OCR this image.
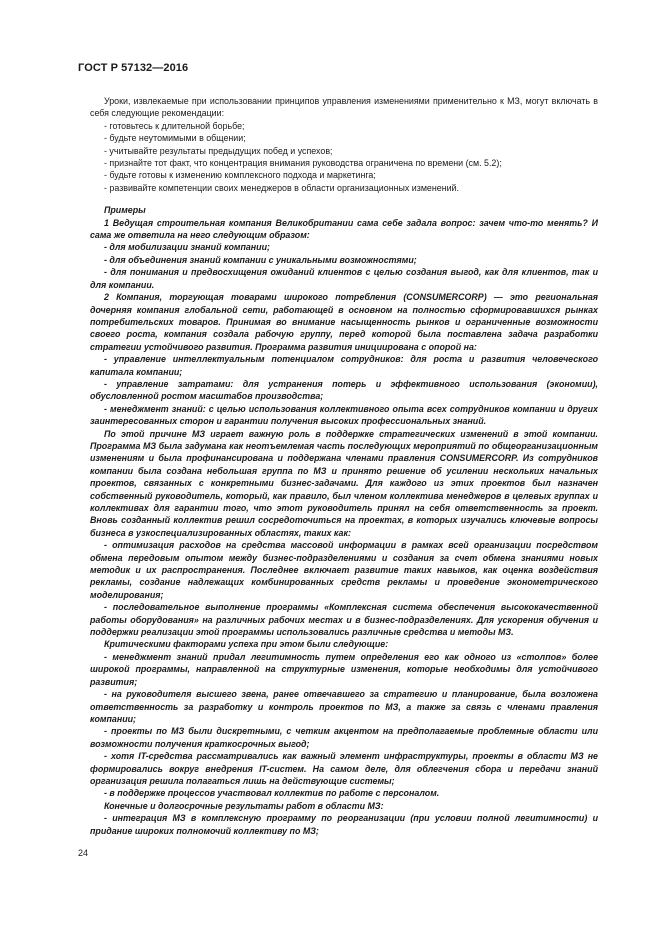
ГОСТ Р 57132—2016

Уроки, извлекаемые при использовании принципов управления изменениями применительно к МЗ, могут включать в себя следующие рекомендации:

- готовьтесь к длительной борьбе;

- будьте неутомимыми в общении;

- учитывайте результаты предыдущих побед и успехов;

- признайте тот факт, что концентрация внимания руководства ограничена по времени (см. 5.2);

- будьте готовы к изменению комплексного подхода и маркетинга;

- развивайте компетенции своих менеджеров в области организационных изменений.

Примеры

1 Ведущая строительная компания Великобритании сама себе задала вопрос: зачем что-то менять? И сама же ответила на него следующим образом:

- для мобилизации знаний компании;

- для объединения знаний компании с уникальными возможностями;

- для понимания и предвосхищения ожиданий клиентов с целью создания выгод, как для клиентов, так и для компании.

2 Компания, торгующая товарами широкого потребления (CONSUMERCORP) — это региональная дочерняя компания глобальной сети, работающей в основном на полностью сформировавшихся рынках потребительских товаров. Принимая во внимание насыщенность рынков и ограниченные возможности своего роста, компания создала рабочую группу, перед которой была поставлена задача разработки стратегии устойчивого развития. Программа развития инициирована с опорой на:

- управление интеллектуальным потенциалом сотрудников: для роста и развития человеческого капитала компании;

- управление затратами: для устранения потерь и эффективного использования (экономии), обусловленной ростом масштабов производства;

- менеджмент знаний: с целью использования коллективного опыта всех сотрудников компании и других заинтересованных сторон и гарантии получения высоких профессиональных знаний.

По этой причине МЗ играет важную роль в поддержке стратегических изменений в этой компании. Программа МЗ была задумана как неотъемлемая часть последующих мероприятий по общеорганизационным изменениям и была профинансирована и поддержана членами правления CONSUMERCORP. Из сотрудников компании была создана небольшая группа по МЗ и принято решение об усилении нескольких начальных проектов, связанных с конкретными бизнес-задачами. Для каждого из этих проектов был назначен собственный руководитель, который, как правило, был членом коллектива менеджеров в целевых группах и коллективах для гарантии того, что этот руководитель принял на себя ответственность за проект. Вновь созданный коллектив решил сосредоточиться на проектах, в которых изучались ключевые вопросы бизнеса в узкоспециализированных областях, таких как:

- оптимизация расходов на средства массовой информации в рамках всей организации посредством обмена передовым опытом между бизнес-подразделениями и создания за счет обмена знаниями новых методик и их распространения. Последнее включает развитие таких навыков, как оценка воздействия рекламы, создание надлежащих комбинированных средств рекламы и проведение эконометрического моделирования;

- последовательное выполнение программы «Комплексная система обеспечения высококачественной работы оборудования» на различных рабочих местах и в бизнес-подразделениях. Для ускорения обучения и поддержки реализации этой программы использовались различные средства и методы МЗ.

Критическими факторами успеха при этом были следующие:

- менеджмент знаний придал легитимность путем определения его как одного из «столпов» более широкой программы, направленной на структурные изменения, которые необходимы для устойчивого развития;

- на руководителя высшего звена, ранее отвечавшего за стратегию и планирование, была возложена ответственность за разработку и контроль проектов по МЗ, а также за связь с членами правления компании;

- проекты по МЗ были дискретными, с четким акцентом на предполагаемые проблемные области или возможности получения краткосрочных выгод;

- хотя IT-средства рассматривались как важный элемент инфраструктуры, проекты в области МЗ не формировались вокруг внедрения IT-систем. На самом деле, для облегчения сбора и передачи знаний организация решила полагаться лишь на действующие системы;

- в поддержке процессов участвовал коллектив по работе с персоналом.

Конечные и долгосрочные результаты работ в области МЗ:

- интеграция МЗ в комплексную программу по реорганизации (при условии полной легитимности) и придание широких полномочий коллективу по МЗ;

24
